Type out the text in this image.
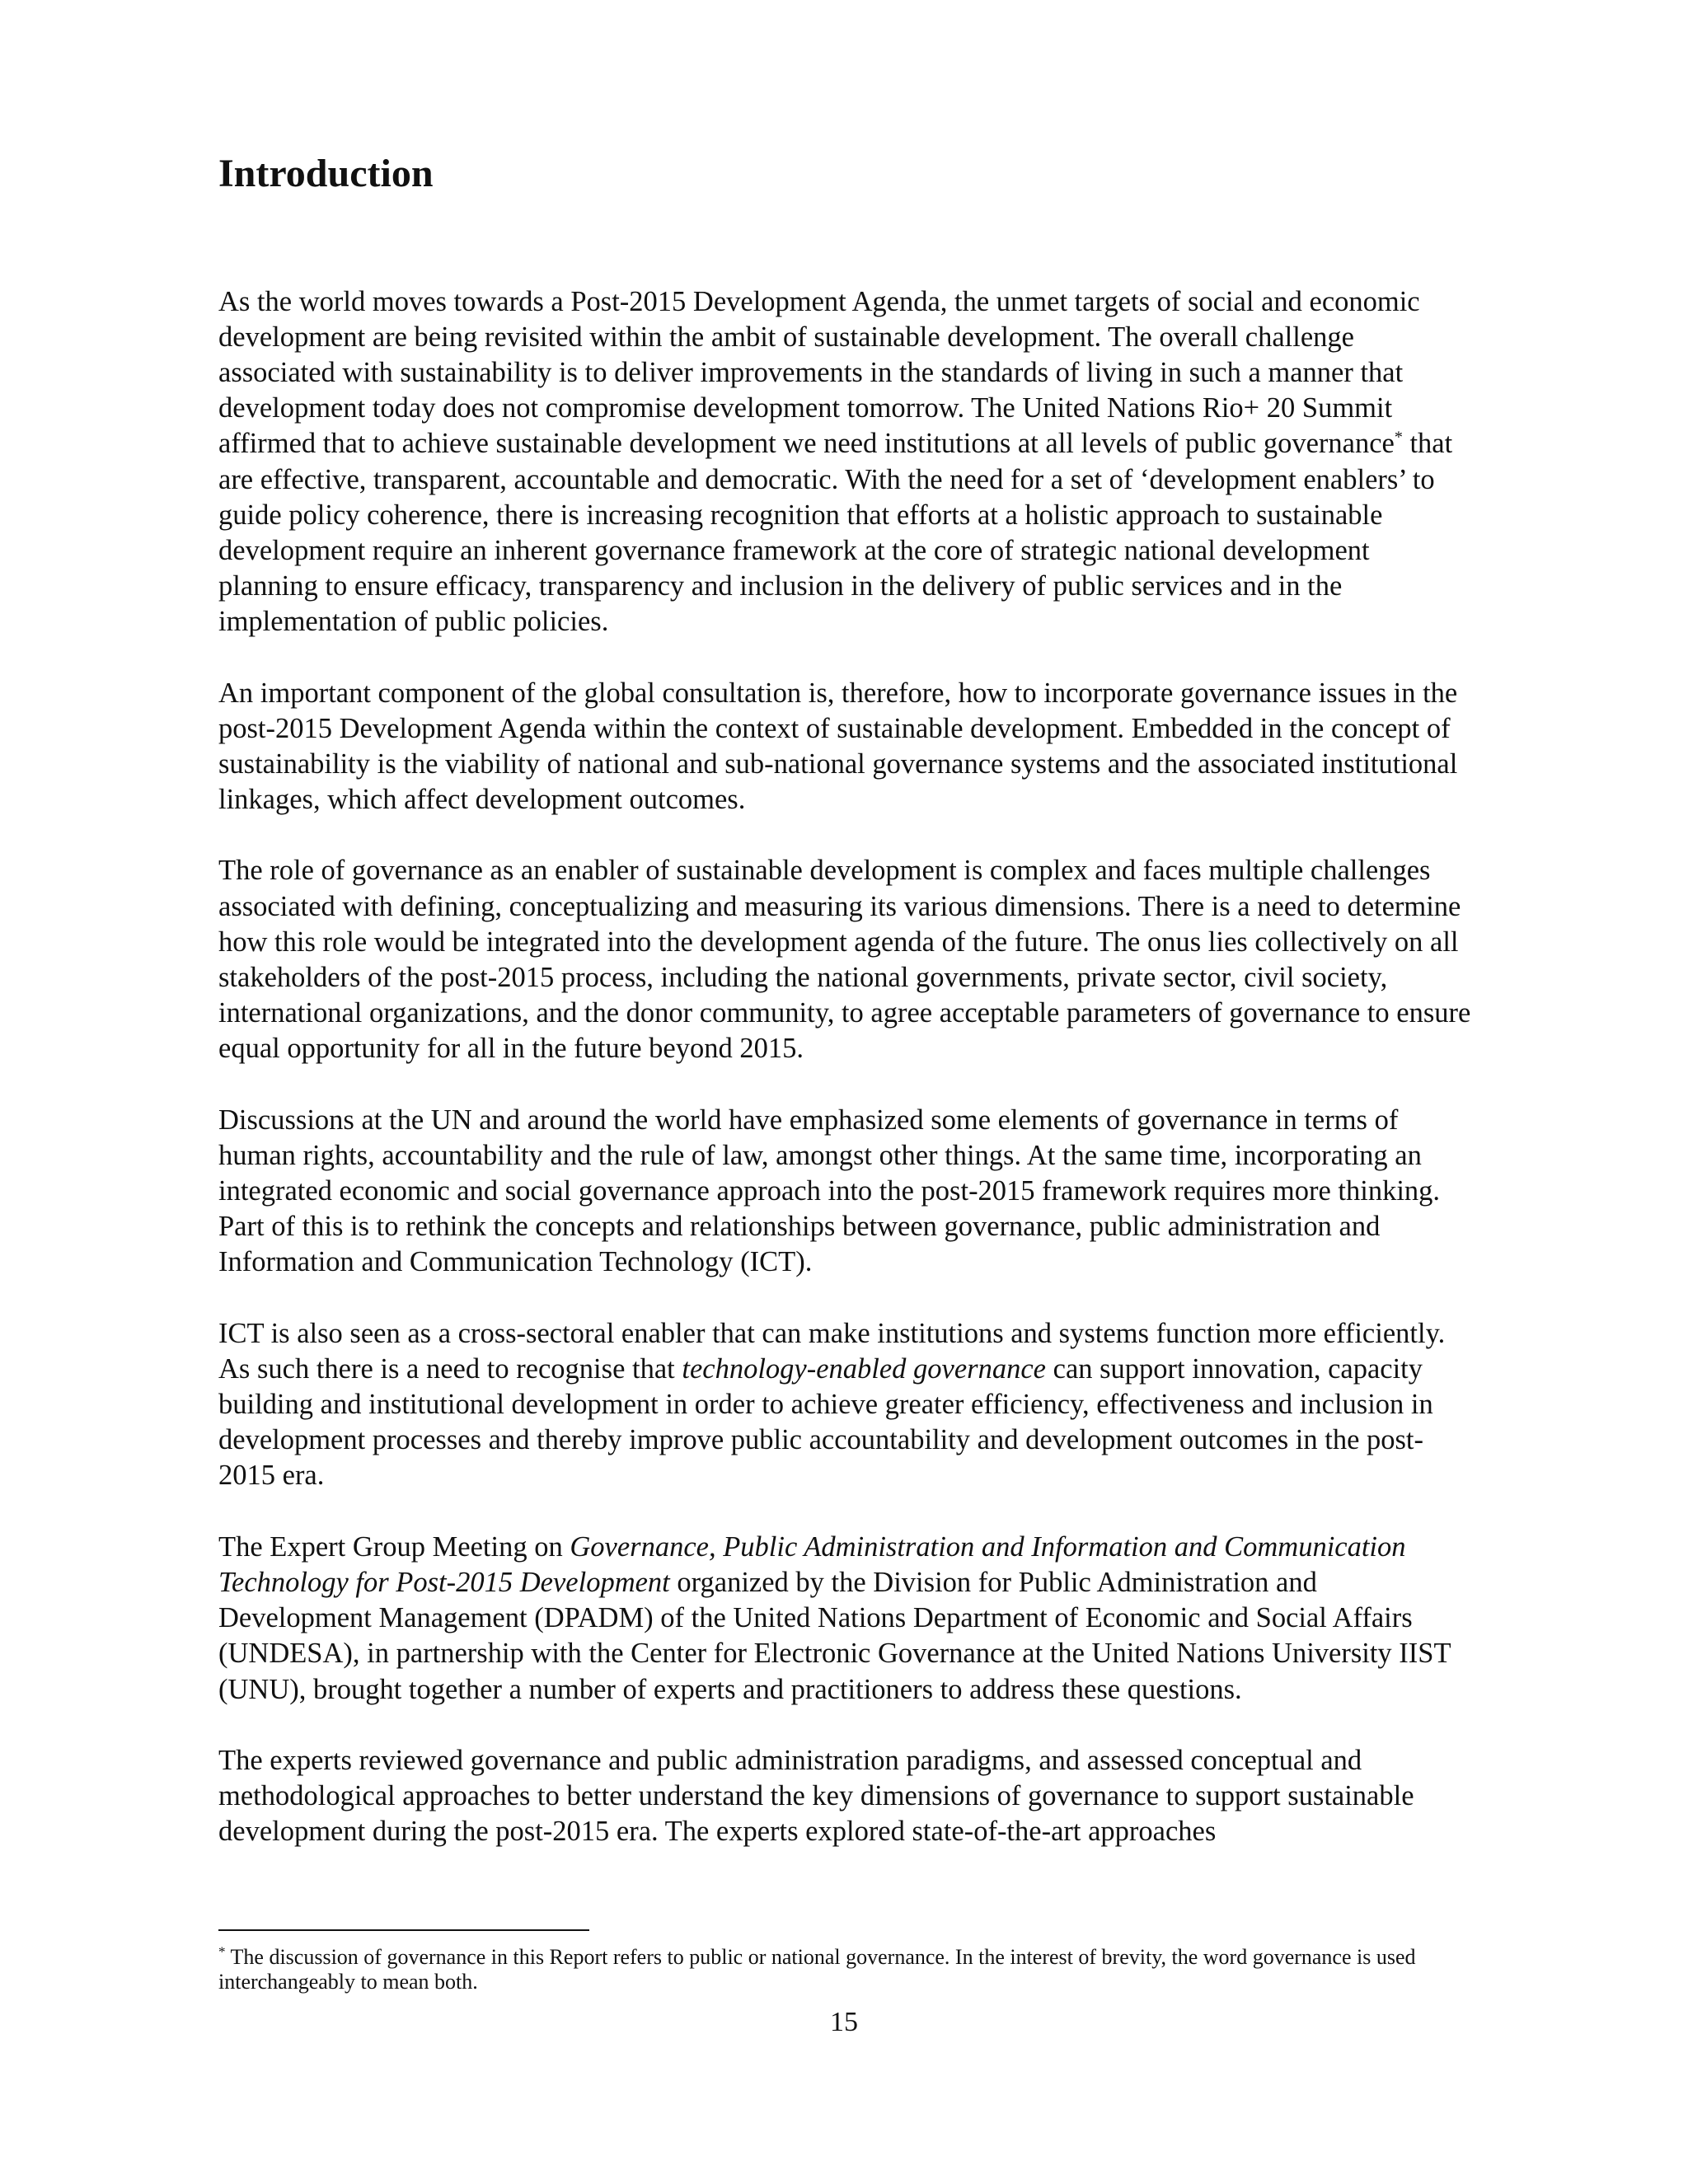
Introduction

As the world moves towards a Post-2015 Development Agenda, the unmet targets of social and economic development are being revisited within the ambit of sustainable development. The overall challenge associated with sustainability is to deliver improvements in the standards of living in such a manner that development today does not compromise development tomorrow. The United Nations Rio+ 20 Summit affirmed that to achieve sustainable development we need institutions at all levels of public governance* that are effective, transparent, accountable and democratic. With the need for a set of ‘development enablers’ to guide policy coherence, there is increasing recognition that efforts at a holistic approach to sustainable development require an inherent governance framework at the core of strategic national development planning to ensure efficacy, transparency and inclusion in the delivery of public services and in the implementation of public policies.

An important component of the global consultation is, therefore, how to incorporate governance issues in the post-2015 Development Agenda within the context of sustainable development. Embedded in the concept of sustainability is the viability of national and sub-national governance systems and the associated institutional linkages, which affect development outcomes.

The role of governance as an enabler of sustainable development is complex and faces multiple challenges associated with defining, conceptualizing and measuring its various dimensions. There is a need to determine how this role would be integrated into the development agenda of the future. The onus lies collectively on all stakeholders of the post-2015 process, including the national governments, private sector, civil society, international organizations, and the donor community, to agree acceptable parameters of governance to ensure equal opportunity for all in the future beyond 2015.

Discussions at the UN and around the world have emphasized some elements of governance in terms of human rights, accountability and the rule of law, amongst other things. At the same time, incorporating an integrated economic and social governance approach into the post-2015 framework requires more thinking. Part of this is to rethink the concepts and relationships between governance, public administration and Information and Communication Technology (ICT).

ICT is also seen as a cross-sectoral enabler that can make institutions and systems function more efficiently. As such there is a need to recognise that technology-enabled governance can support innovation, capacity building and institutional development in order to achieve greater efficiency, effectiveness and inclusion in development processes and thereby improve public accountability and development outcomes in the post-2015 era.

The Expert Group Meeting on Governance, Public Administration and Information and Communication Technology for Post-2015 Development organized by the Division for Public Administration and Development Management (DPADM) of the United Nations Department of Economic and Social Affairs (UNDESA), in partnership with the Center for Electronic Governance at the United Nations University IIST (UNU), brought together a number of experts and practitioners to address these questions.

The experts reviewed governance and public administration paradigms, and assessed conceptual and methodological approaches to better understand the key dimensions of governance to support sustainable development during the post-2015 era. The experts explored state-of-the-art approaches

* The discussion of governance in this Report refers to public or national governance. In the interest of brevity, the word governance is used interchangeably to mean both.
15
